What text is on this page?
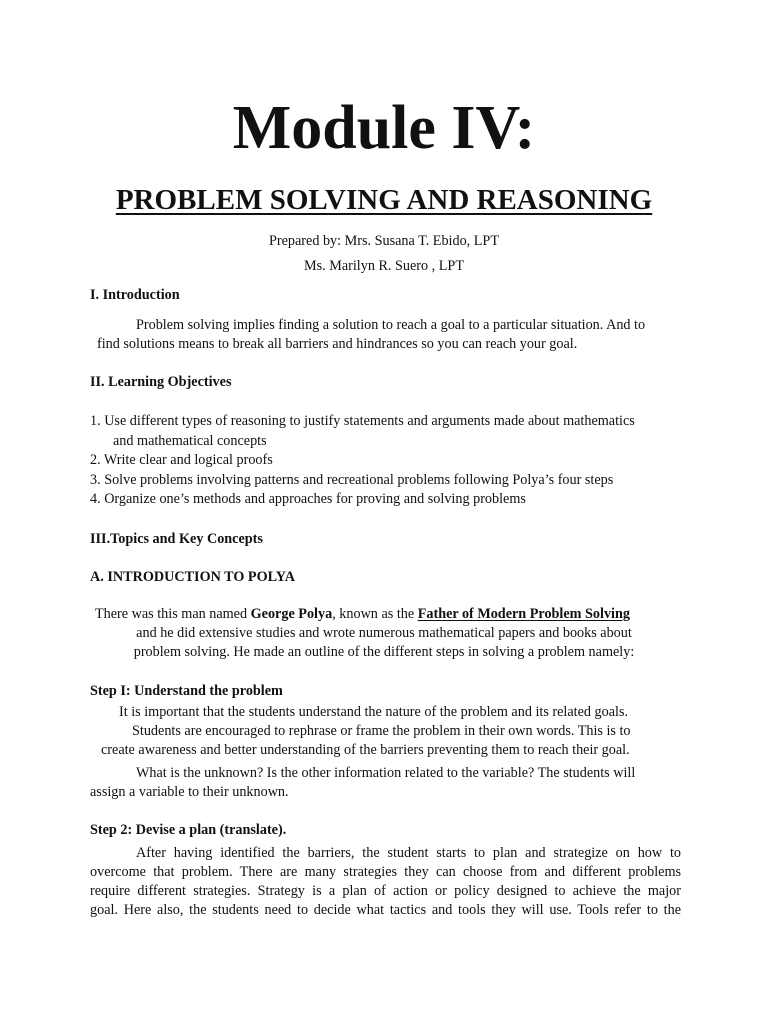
Module IV:
PROBLEM SOLVING AND REASONING
Prepared by: Mrs. Susana T. Ebido, LPT
Ms. Marilyn R. Suero , LPT
I. Introduction
Problem solving implies finding a solution to reach a goal to a particular situation. And to
find solutions means to break all barriers and hindrances so you can reach your goal.
II. Learning Objectives
1. Use different types of reasoning to justify statements and arguments made about mathematics
and mathematical concepts
2. Write clear and logical proofs
3. Solve problems involving patterns and recreational problems following Polya’s four steps
4. Organize one’s methods and approaches for proving and solving problems
III.Topics and Key Concepts
A. INTRODUCTION TO POLYA
There was this man named George Polya, known as the Father of Modern Problem Solving
and he did extensive studies and wrote numerous mathematical papers and books about
problem solving. He made an outline of the different steps in solving a problem namely:
Step I: Understand the problem
It is important that the students understand the nature of the problem and its related goals.
Students are encouraged to rephrase or frame the problem in their own words. This is to
create awareness and better understanding of the barriers preventing them to reach their goal.
What is the unknown? Is the other information related to the variable? The students will
assign a variable to their unknown.
Step 2: Devise a plan (translate).
After having identified the barriers, the student starts to plan and strategize on how to
overcome that problem. There are many strategies they can choose from and different problems
require different strategies. Strategy is a plan of action or policy designed to achieve the major
goal. Here also, the students need to decide what tactics and tools they will use. Tools refer to the
